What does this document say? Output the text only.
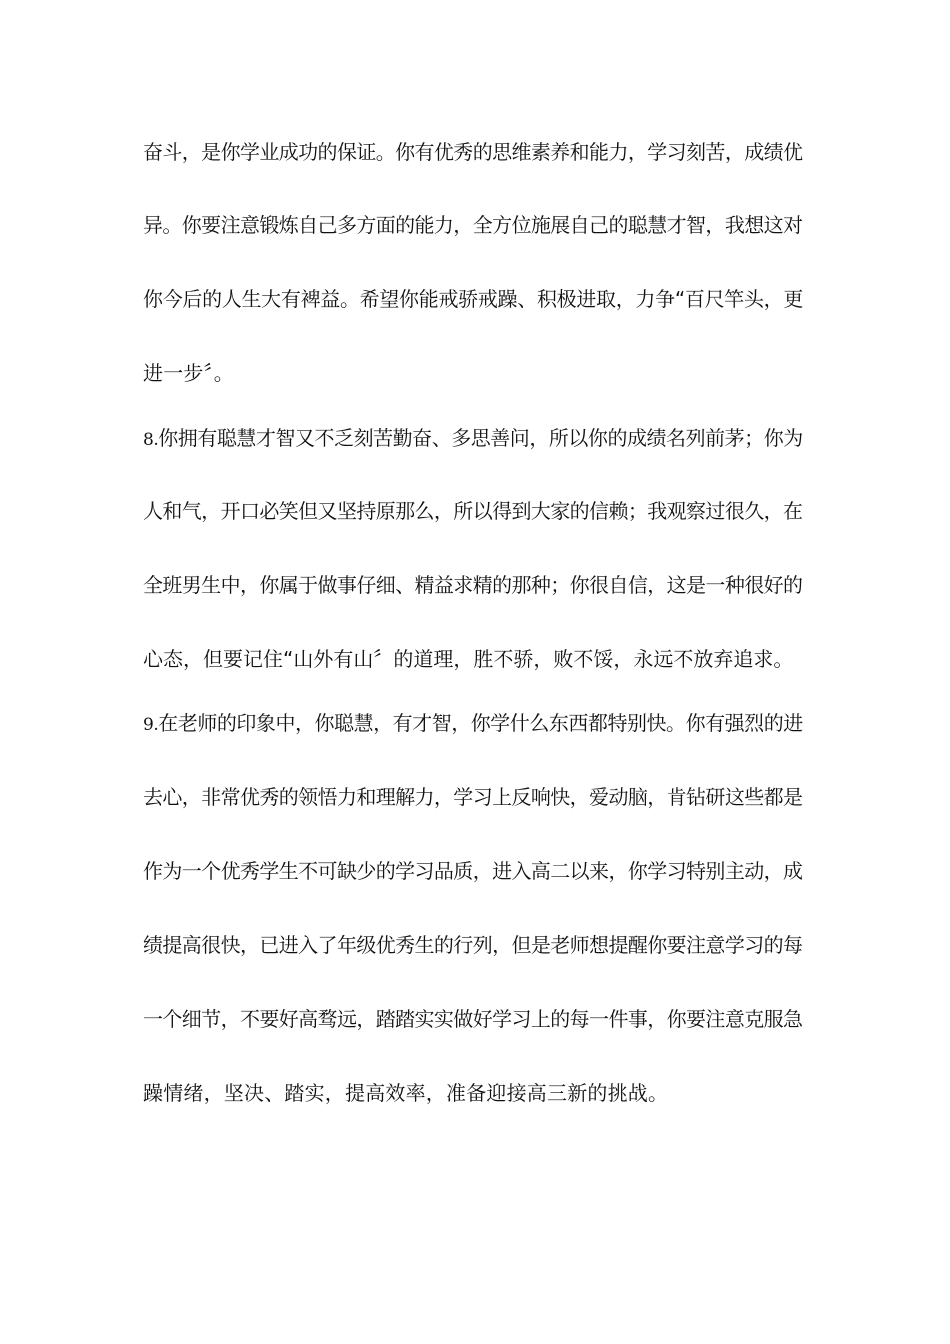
奋斗，是你学业成功的保证。你有优秀的思维素养和能力，学习刻苦，成绩优
异。你要注意锻炼自己多方面的能力，全方位施展自己的聪慧才智，我想这对
你今后的人生大有裨益。希望你能戒骄戒躁、积极进取，力争“百尺竿头，更
进一步〞。
8.你拥有聪慧才智又不乏刻苦勤奋、多思善问，所以你的成绩名列前茅；你为
人和气，开口必笑但又坚持原那么，所以得到大家的信赖；我观察过很久，在
全班男生中，你属于做事仔细、精益求精的那种；你很自信，这是一种很好的
心态，但要记住“山外有山〞的道理，胜不骄，败不馁，永远不放弃追求。
9.在老师的印象中，你聪慧，有才智，你学什么东西都特别快。你有强烈的进
去心，非常优秀的领悟力和理解力，学习上反响快，爱动脑，肯钻研这些都是
作为一个优秀学生不可缺少的学习品质，进入高二以来，你学习特别主动，成
绩提高很快，已进入了年级优秀生的行列，但是老师想提醒你要注意学习的每
一个细节，不要好高骛远，踏踏实实做好学习上的每一件事，你要注意克服急
躁情绪，坚决、踏实，提高效率，准备迎接高三新的挑战。
